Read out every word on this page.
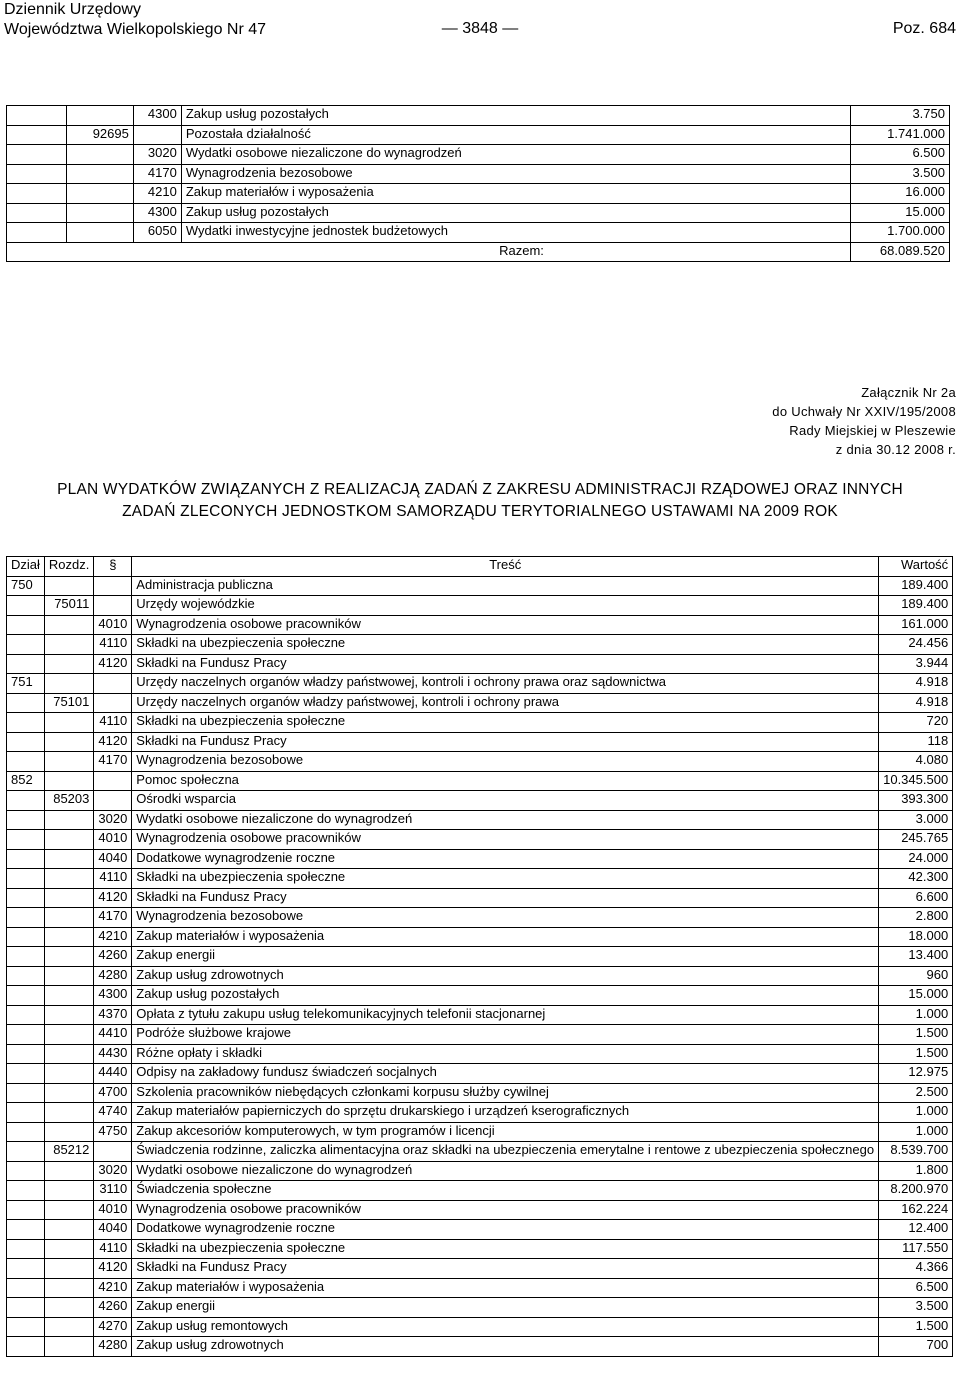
Dziennik Urzędowy
Województwa Wielkopolskiego Nr 47	— 3848 —	Poz. 684
		4300	Zakup usług pozostałych	3.750
	92695		Pozostała działalność	1.741.000
		3020	Wydatki osobowe niezaliczone do wynagrodzeń	6.500
		4170	Wynagrodzenia bezosobowe	3.500
		4210	Zakup materiałów i wyposażenia	16.000
		4300	Zakup usług pozostałych	15.000
		6050	Wydatki inwestycyjne jednostek budżetowych	1.700.000
Razem:				68.089.520
Załącznik Nr 2a
do Uchwały Nr XXIV/195/2008
Rady Miejskiej w Pleszewie
z dnia 30.12 2008 r.
PLAN WYDATKÓW ZWIĄZANYCH Z REALIZACJĄ ZADAŃ Z ZAKRESU ADMINISTRACJI RZĄDOWEJ ORAZ INNYCH
ZADAŃ ZLECONYCH JEDNOSTKOM SAMORZĄDU TERYTORIALNEGO USTAWAMI NA 2009 ROK
Dział	Rozdz.	§	Treść	Wartość
750			Administracja publiczna	189.400
	75011		Urzędy wojewódzkie	189.400
		4010	Wynagrodzenia osobowe pracowników	161.000
		4110	Składki na ubezpieczenia społeczne	24.456
		4120	Składki na Fundusz Pracy	3.944
751			Urzędy naczelnych organów władzy państwowej, kontroli i ochrony prawa oraz sądownictwa	4.918
	75101		Urzędy naczelnych organów władzy państwowej, kontroli i ochrony prawa	4.918
		4110	Składki na ubezpieczenia społeczne	720
		4120	Składki na Fundusz Pracy	118
		4170	Wynagrodzenia bezosobowe	4.080
852			Pomoc społeczna	10.345.500
	85203		Ośrodki wsparcia	393.300
		3020	Wydatki osobowe niezaliczone do wynagrodzeń	3.000
		4010	Wynagrodzenia osobowe pracowników	245.765
		4040	Dodatkowe wynagrodzenie roczne	24.000
		4110	Składki na ubezpieczenia społeczne	42.300
		4120	Składki na Fundusz Pracy	6.600
		4170	Wynagrodzenia bezosobowe	2.800
		4210	Zakup materiałów i wyposażenia	18.000
		4260	Zakup energii	13.400
		4280	Zakup usług zdrowotnych	960
		4300	Zakup usług pozostałych	15.000
		4370	Opłata z tytułu zakupu usług telekomunikacyjnych telefonii stacjonarnej	1.000
		4410	Podróże służbowe krajowe	1.500
		4430	Różne opłaty i składki	1.500
		4440	Odpisy na zakładowy fundusz świadczeń socjalnych	12.975
		4700	Szkolenia pracowników niebędących członkami korpusu służby cywilnej	2.500
		4740	Zakup materiałów papierniczych do sprzętu drukarskiego i urządzeń kserograficznych	1.000
		4750	Zakup akcesoriów komputerowych, w tym programów i licencji	1.000
	85212		Świadczenia rodzinne, zaliczka alimentacyjna oraz składki na ubezpieczenia emerytalne i rentowe z ubezpieczenia społecznego	8.539.700
		3020	Wydatki osobowe niezaliczone do wynagrodzeń	1.800
		3110	Świadczenia społeczne	8.200.970
		4010	Wynagrodzenia osobowe pracowników	162.224
		4040	Dodatkowe wynagrodzenie roczne	12.400
		4110	Składki na ubezpieczenia społeczne	117.550
		4120	Składki na Fundusz Pracy	4.366
		4210	Zakup materiałów i wyposażenia	6.500
		4260	Zakup energii	3.500
		4270	Zakup usług remontowych	1.500
		4280	Zakup usług zdrowotnych	700
